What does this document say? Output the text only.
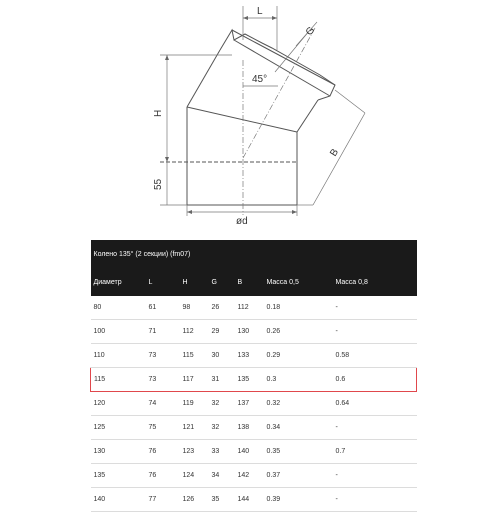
L
G
45°
H
55
B
ød
Колено 135° (2 секции) (fm07)						
Диаметр	L	H	G	B	Масса 0,5	Масса 0,8
80	61	98	26	112	0.18	-
100	71	112	29	130	0.26	-
110	73	115	30	133	0.29	0.58
115	73	117	31	135	0.3	0.6
120	74	119	32	137	0.32	0.64
125	75	121	32	138	0.34	-
130	76	123	33	140	0.35	0.7
135	76	124	34	142	0.37	-
140	77	126	35	144	0.39	-
